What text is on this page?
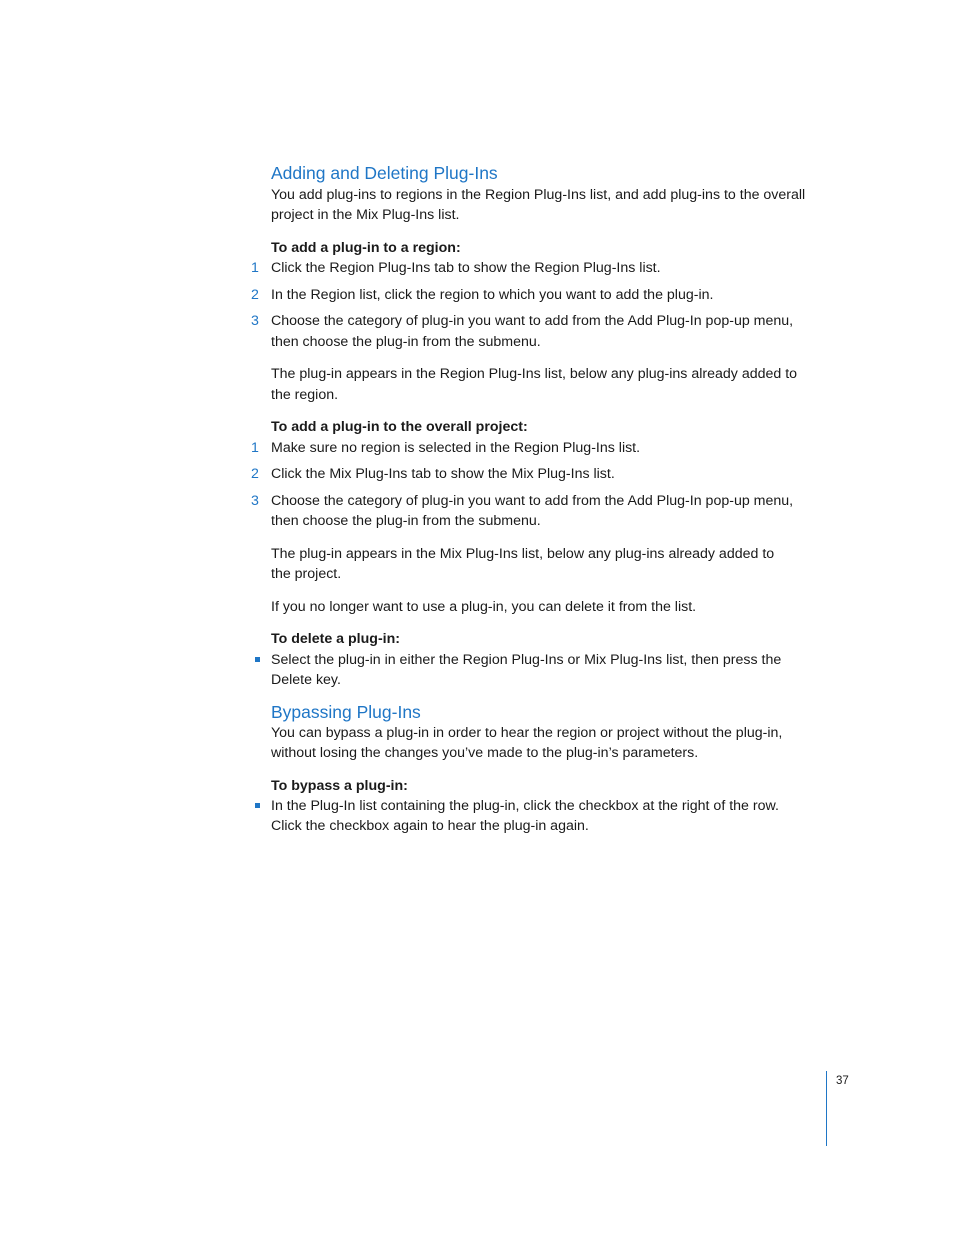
Adding and Deleting Plug-Ins

You add plug-ins to regions in the Region Plug-Ins list, and add plug-ins to the overall

project in the Mix Plug-Ins list.

To add a plug-in to a region:
1 Click the Region Plug-Ins tab to show the Region Plug-Ins list.

2 In the Region list, click the region to which you want to add the plug-in.

3 Choose the category of plug-in you want to add from the Add Plug-In pop-up menu,

then choose the plug-in from the submenu.

The plug-in appears in the Region Plug-Ins list, below any plug-ins already added to

the region.

To add a plug-in to the overall project:
1 Make sure no region is selected in the Region Plug-Ins list.

2 Click the Mix Plug-Ins tab to show the Mix Plug-Ins list.

3 Choose the category of plug-in you want to add from the Add Plug-In pop-up menu,

then choose the plug-in from the submenu.

The plug-in appears in the Mix Plug-Ins list, below any plug-ins already added to

the project.

If you no longer want to use a plug-in, you can delete it from the list.

To delete a plug-in:

Select the plug-in in either the Region Plug-Ins or Mix Plug-Ins list, then press the

Delete key.

Bypassing Plug-Ins

You can bypass a plug-in in order to hear the region or project without the plug-in,

without losing the changes you’ve made to the plug-in’s parameters.

To bypass a plug-in:

In the Plug-In list containing the plug-in, click the checkbox at the right of the row.

Click the checkbox again to hear the plug-in again.

37
